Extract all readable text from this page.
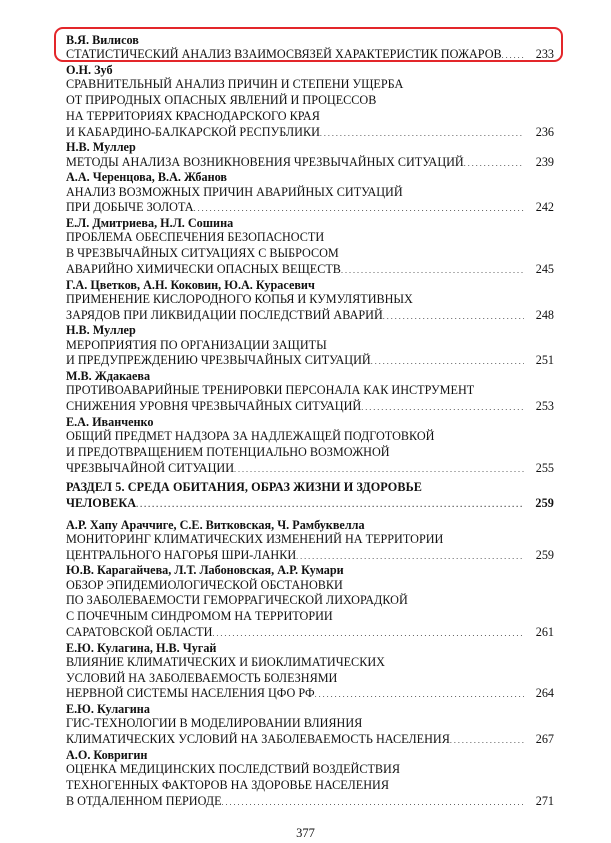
В.Я. Вилисов
СТАТИСТИЧЕСКИЙ АНАЛИЗ ВЗАИМОСВЯЗЕЙ ХАРАКТЕРИСТИК ПОЖАРОВ . . .	233
О.Н. Зуб
СРАВНИТЕЛЬНЫЙ АНАЛИЗ ПРИЧИН И СТЕПЕНИ УЩЕРБА
ОТ ПРИРОДНЫХ ОПАСНЫХ ЯВЛЕНИЙ И ПРОЦЕССОВ
НА ТЕРРИТОРИЯХ КРАСНОДАРСКОГО КРАЯ
И КАБАРДИНО-БАЛКАРСКОЙ РЕСПУБЛИКИ . . .	236
Н.В. Муллер
МЕТОДЫ АНАЛИЗА ВОЗНИКНОВЕНИЯ ЧРЕЗВЫЧАЙНЫХ СИТУАЦИЙ . . .	239
А.А. Черенцова, В.А. Жбанов
АНАЛИЗ ВОЗМОЖНЫХ ПРИЧИН АВАРИЙНЫХ СИТУАЦИЙ
ПРИ ДОБЫЧЕ ЗОЛОТА . . .	242
Е.Л. Дмитриева, Н.Л. Сошина
ПРОБЛЕМА ОБЕСПЕЧЕНИЯ БЕЗОПАСНОСТИ
В ЧРЕЗВЫЧАЙНЫХ СИТУАЦИЯХ С ВЫБРОСОМ
АВАРИЙНО ХИМИЧЕСКИ ОПАСНЫХ ВЕЩЕСТВ . . .	245
Г.А. Цветков, А.Н. Коковин, Ю.А. Курасевич
ПРИМЕНЕНИЕ КИСЛОРОДНОГО КОПЬЯ И КУМУЛЯТИВНЫХ
ЗАРЯДОВ ПРИ ЛИКВИДАЦИИ ПОСЛЕДСТВИЙ АВАРИЙ . . .	248
Н.В. Муллер
МЕРОПРИЯТИЯ ПО ОРГАНИЗАЦИИ ЗАЩИТЫ
И ПРЕДУПРЕЖДЕНИЮ ЧРЕЗВЫЧАЙНЫХ СИТУАЦИЙ . . .	251
М.В. Ждакаева
ПРОТИВОАВАРИЙНЫЕ ТРЕНИРОВКИ ПЕРСОНАЛА КАК ИНСТРУМЕНТ
СНИЖЕНИЯ УРОВНЯ ЧРЕЗВЫЧАЙНЫХ СИТУАЦИЙ . . .	253
Е.А. Иванченко
ОБЩИЙ ПРЕДМЕТ НАДЗОРА ЗА НАДЛЕЖАЩЕЙ ПОДГОТОВКОЙ
И ПРЕДОТВРАЩЕНИЕМ ПОТЕНЦИАЛЬНО ВОЗМОЖНОЙ
ЧРЕЗВЫЧАЙНОЙ СИТУАЦИИ . . .	255
РАЗДЕЛ 5. СРЕДА ОБИТАНИЯ, ОБРАЗ ЖИЗНИ И ЗДОРОВЬЕ
ЧЕЛОВЕКА . . .	259
А.Р. Хапу Араччиге, С.Е. Витковская, Ч. Рамбуквелла
МОНИТОРИНГ КЛИМАТИЧЕСКИХ ИЗМЕНЕНИЙ НА ТЕРРИТОРИИ
ЦЕНТРАЛЬНОГО НАГОРЬЯ ШРИ-ЛАНКИ . . .	259
Ю.В. Карагайчева, Л.Т. Лабоновская, А.Р. Кумари
ОБЗОР ЭПИДЕМИОЛОГИЧЕСКОЙ ОБСТАНОВКИ
ПО ЗАБОЛЕВАЕМОСТИ ГЕМОРРАГИЧЕСКОЙ ЛИХОРАДКОЙ
С ПОЧЕЧНЫМ СИНДРОМОМ НА ТЕРРИТОРИИ
САРАТОВСКОЙ ОБЛАСТИ . . .	261
Е.Ю. Кулагина, Н.В. Чугай
ВЛИЯНИЕ КЛИМАТИЧЕСКИХ И БИОКЛИМАТИЧЕСКИХ
УСЛОВИЙ НА ЗАБОЛЕВАЕМОСТЬ БОЛЕЗНЯМИ
НЕРВНОЙ СИСТЕМЫ НАСЕЛЕНИЯ ЦФО РФ . . .	264
Е.Ю. Кулагина
ГИС-ТЕХНОЛОГИИ В МОДЕЛИРОВАНИИ ВЛИЯНИЯ
КЛИМАТИЧЕСКИХ УСЛОВИЙ НА ЗАБОЛЕВАЕМОСТЬ НАСЕЛЕНИЯ . . .	267
А.О. Ковригин
ОЦЕНКА МЕДИЦИНСКИХ ПОСЛЕДСТВИЙ ВОЗДЕЙСТВИЯ
ТЕХНОГЕННЫХ ФАКТОРОВ НА ЗДОРОВЬЕ НАСЕЛЕНИЯ
В ОТДАЛЕННОМ ПЕРИОДЕ . . .	271
377
